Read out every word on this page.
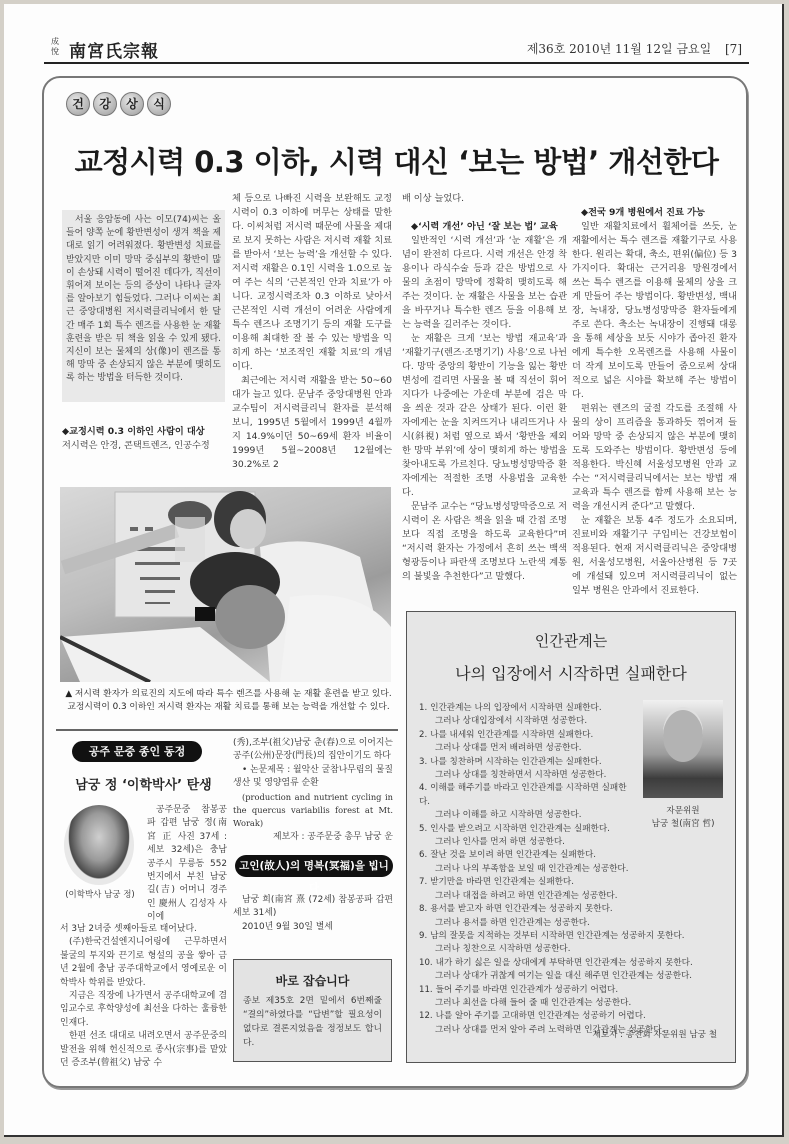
成悅 南宮氏宗報	제36호 2010년 11월 12일 금요일 [7]
건	강	상	식
교정시력 0.3 이하, 시력 대신 ‘보는 방법’ 개선한다
서울 응암동에 사는 이모(74)씨는 올들어 양쪽 눈에 황반변성이 생겨 책을 제대로 읽기 어려워졌다. 황반변성 치료를 받았지만 이미 망막 중심부의 황반이 많이 손상돼 시력이 떨어진 데다가, 직선이 휘어져 보이는 등의 증상이 나타나 글자를 알아보기 힘들었다. 그러나 이씨는 최근 중앙대병원 저시력클리닉에서 한 달간 매주 1회 특수 렌즈를 사용한 눈 재활 훈련을 받은 뒤 책을 읽을 수 있게 됐다. 지신이 보는 물체의 상(像)이 렌즈를 통해 망막 중 손상되지 않은 부분에 맺히도록 하는 방법을 터득한 것이다.
◆교정시력 0.3 이하인 사람이 대상
저시력은 안경, 콘택트렌즈, 인공수정
체 등으로 나빠진 시력을 보완해도 교정시력이 0.3 이하에 머무는 상태를 말한다. 이씨처럼 저시력 때문에 사물을 제대로 보지 못하는 사람은 저시력 재활 치료를 받아서 ‘보는 능력’을 개선할 수 있다. 저시력 재활은 0.1인 시력을 1.0으로 높여 주는 식의 ‘근본적인 안과 치료’가 아니다. 교정시력조차 0.3 이하로 낮아서 근본적인 시력 개선이 어려운 사람에게 특수 렌즈나 조명기기 등의 재활 도구를 이용해 최대한 잘 볼 수 있는 방법을 익히게 하는 ‘보조적인 재활 치료’의 개념이다.
최근에는 저시력 재활을 받는 50~60대가 늘고 있다. 문남주 중앙대병원 안과 교수팀이 저시력클리닉 환자를 분석해 보니, 1995년 5월에서 1999년 4월까지 14.9%이던 50~69세 환자 비율이 1999년 5월~2008년 12월에는 30.2%로 2
▲ 저시력 환자가 의료진의 지도에 따라 특수 렌즈를 사용해 눈 재활 훈련을 받고 있다.
교정시력이 0.3 이하인 저시력 환자는 재활 치료를 통해 보는 능력을 개선할 수 있다.
배 이상 늘었다.
◆‘시력 개선’ 아닌 ‘잘 보는 법’ 교육
일반적인 ‘시력 개선’과 ‘눈 재활’은 개념이 완전히 다르다. 시력 개선은 안경 착용이나 라식수술 등과 같은 방법으로 사물의 초점이 망막에 정확히 맺히도록 해 주는 것이다. 눈 재활은 사물을 보는 습관을 바꾸거나 특수한 렌즈 등을 이용해 보는 능력을 길러주는 것이다.
눈 재활은 크게 ‘보는 방법 재교육’과 ‘재활기구(렌즈·조명기기) 사용’으로 나뉜다. 망막 중앙의 황반이 기능을 잃는 황반변성에 걸리면 사물을 볼 때 직선이 휘어지다가 나중에는 가운데 부분에 검은 막을 씌운 것과 같은 상태가 된다. 이런 환자에게는 눈을 치켜뜨거나 내리뜨거나 사시(斜視) 처럼 옆으로 봐서 ‘황반을 제외한 망막 부위’에 상이 맺히게 하는 방법을 찾아내도록 가르친다. 당뇨병성망막증 환자에게는 적절한 조명 사용법을 교육한다.
문남주 교수는 “당뇨병성망막증으로 저시력이 온 사람은 책을 읽을 때 간접 조명보다 직접 조명을 하도록 교육한다”며 “저시력 환자는 가정에서 흔히 쓰는 백색 형광등이나 파란색 조명보다 노란색 계통의 불빛을 추천한다”고 말했다.
◆전국 9개 병원에서 진료 가능
일반 재활치료에서 휠체어를 쓰듯, 눈 재활에서는 특수 렌즈를 재활기구로 사용한다. 원리는 확대, 축소, 편위(偏位) 등 3가지이다. 확대는 근거리용 망원경에서 쓰는 특수 렌즈를 이용해 물체의 상을 크게 만들어 주는 방법이다. 황반변성, 백내장, 녹내장, 당뇨병성망막증 환자들에게 주로 쓴다. 축소는 녹내장이 진행돼 대롱을 통해 세상을 보듯 시야가 좁아진 환자에게 특수한 오목렌즈를 사용해 사물이 더 작게 보이도록 만들어 줌으로써 상대적으로 넓은 시야를 확보해 주는 방법이다.
편위는 렌즈의 굴절 각도를 조절해 사물의 상이 프리즘을 통과하듯 꺾어져 들어와 망막 중 손상되지 않은 부분에 맺히도록 도와주는 방법이다. 황반변성 등에 적용한다. 박신혜 서울성모병원 안과 교수는 “저시력클리닉에서는 보는 방법 재교육과 특수 렌즈를 함께 사용해 보는 능력을 개선시켜 준다”고 말했다.
눈 재활은 보통 4주 정도가 소요되며, 진료비와 재활기구 구입비는 건강보험이 적용된다. 현재 저시력클리닉은 중앙대병원, 서울성모병원, 서울아산병원 등 7곳에 개설돼 있으며 저시력클리닉이 없는 일부 병원은 안과에서 진료한다.
공주 문중 종인 동정
남궁 정 ‘이학박사’ 탄생
(이학박사 남궁 정)
공주문중 참봉공파 갑편 남궁 정(南宮 正 사진 37세 : 세보 32세)은 충남 공주시 무릉동 552번지에서 부친 남궁 길(吉) 어머니 경주인 慶州人 김성자 사이에
서 3남 2녀중 셋째아들로 태어났다.
(주)한국건설엔지니어링에 근무하면서 불굴의 투지와 끈기로 형설의 공을 쌓아 금년 2월에 충남 공주대학교에서 영예로운 이학박사 학위를 받았다.
지금은 직장에 나가면서 공주대학교에 겸임교수로 후학양성에 최선을 다하는 훌륭한 인재다.
한편 선조 대대로 내려오면서 공주문중의 발전을 위해 헌신적으로 종사(宗事)를 맡았던 증조부(曾祖父) 남궁 수
(秀),조부(祖父)남궁 춘(春)으로 이어지는 공주(公州)문장(門長)의 집안이기도 하다
• 논문제목 : 월악산 굴참나무림의 물질생산 및 영양염류 순환
(production and nutrient cycling in the quercus variabilis forest at Mt. Worak)
제보자 : 공주문중 총무 남궁 운
고인(故人)의 명복(冥福)을 빕니다
남궁 희(南宮 熹 (72세) 참봉공파 갑편 세보 31세)
2010년 9월 30일 별세
바로 잡습니다
종보 제35호 2면 밑에서 6번째줄 “결의”하였다를 “답변”할 필요성이 없다로 결론지었음을 정정보도 합니다.
인간관계는
나의 입장에서 시작하면 실패한다
1. 인간관계는 나의 입장에서 시작하면 실패한다.
그러나 상대입장에서 시작하면 성공한다.
2. 나를 내세워 인간관계를 시작하면 실패한다.
그러나 상대를 먼저 배려하면 성공한다.
3. 나를 칭찬하며 시작하는 인간관계는 실패한다.
그러나 상대를 칭찬하면서 시작하면 성공한다.
4. 이해를 해주기를 바라고 인간관계를 시작하면 실패한다.
그러나 이해를 하고 시작하면 성공한다.
5. 인사를 받으려고 시작하면 인간관계는 실패한다.
그러나 인사를 먼저 하면 성공한다.
6. 잘난 것을 보이려 하면 인간관계는 실패한다.
그러나 나의 부족함을 보일 때 인간관계는 성공한다.
7. 받기만을 바라면 인간관계는 실패한다.
그러나 대접을 하려고 하면 인간관계는 성공한다.
8. 용서를 받고자 하면 인간관계는 성공하지 못한다.
그러나 용서를 하면 인간관계는 성공한다.
9. 남의 잘못을 지적하는 것부터 시작하면 인간관계는 성공하지 못한다.
그러나 칭찬으로 시작하면 성공한다.
10. 내가 하기 싫은 일을 상대에게 부탁하면 인간관계는 성공하지 못한다.
그러나 상대가 귀찮게 여기는 일을 대신 해주면 인간관계는 성공한다.
11. 들어 주기를 바라면 인간관계가 성공하기 어렵다.
그러나 최선을 다해 들어 줄 때 인간관계는 성공한다.
12. 나를 알아 주기를 고대하면 인간관계는 성공하기 어렵다.
그러나 상대를 먼저 알아 주려 노력하면 인간관계는 성공한다.
자문위원
남궁 철(南宮 哲)
제보자 : 종친회 자문위원 남궁 철
